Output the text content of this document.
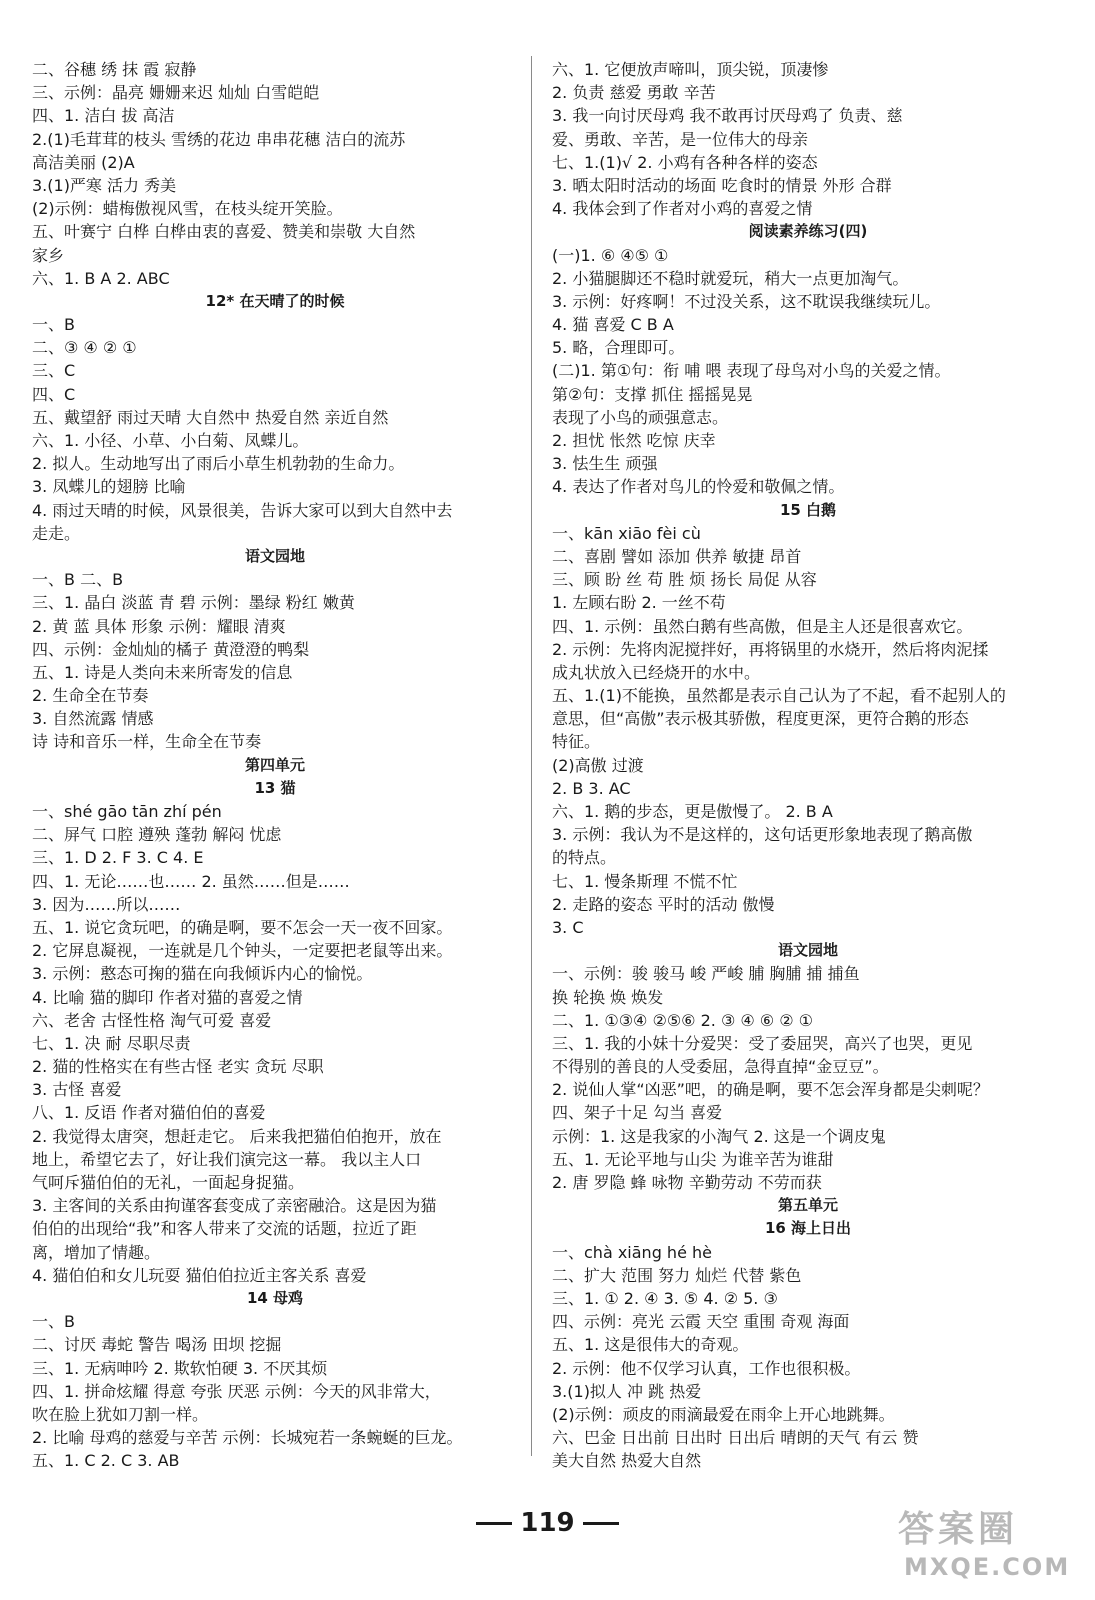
二、谷穗 绣 抹 霞 寂静
三、示例：晶亮 姗姗来迟 灿灿 白雪皑皑
四、1. 洁白 拔 高洁
2.(1)毛茸茸的枝头 雪绣的花边 串串花穗 洁白的流苏
高洁美丽 (2)A
3.(1)严寒 活力 秀美
(2)示例：蜡梅傲视风雪，在枝头绽开笑脸。
五、叶赛宁 白桦 白桦由衷的喜爱、赞美和崇敬 大自然
家乡
六、1. B A 2. ABC
12* 在天晴了的时候
一、B
二、③ ④ ② ①
三、C
四、C
五、戴望舒 雨过天晴 大自然中 热爱自然 亲近自然
六、1. 小径、小草、小白菊、凤蝶儿。
2. 拟人。生动地写出了雨后小草生机勃勃的生命力。
3. 凤蝶儿的翅膀 比喻
4. 雨过天晴的时候，风景很美，告诉大家可以到大自然中去
走走。
语文园地
一、B 二、B
三、1. 晶白 淡蓝 青 碧 示例：墨绿 粉红 嫩黄
2. 黄 蓝 具体 形象 示例：耀眼 清爽
四、示例：金灿灿的橘子 黄澄澄的鸭梨
五、1. 诗是人类向未来所寄发的信息
2. 生命全在节奏
3. 自然流露 情感
诗 诗和音乐一样，生命全在节奏
第四单元
13 猫
一、shé gāo tān zhí pén
二、屏气 口腔 遵殃 蓬勃 解闷 忧虑
三、1. D 2. F 3. C 4. E
四、1. 无论……也…… 2. 虽然……但是……
3. 因为……所以……
五、1. 说它贪玩吧，的确是啊，要不怎会一天一夜不回家。
2. 它屏息凝视，一连就是几个钟头，一定要把老鼠等出来。
3. 示例：憨态可掬的猫在向我倾诉内心的愉悦。
4. 比喻 猫的脚印 作者对猫的喜爱之情
六、老舍 古怪性格 淘气可爱 喜爱
七、1. 决 耐 尽职尽责
2. 猫的性格实在有些古怪 老实 贪玩 尽职
3. 古怪 喜爱
八、1. 反语 作者对猫伯伯的喜爱
2. 我觉得太唐突，想赶走它。 后来我把猫伯伯抱开，放在
地上，希望它去了，好让我们演完这一幕。 我以主人口
气呵斥猫伯伯的无礼，一面起身捉猫。
3. 主客间的关系由拘谨客套变成了亲密融洽。这是因为猫
伯伯的出现给“我”和客人带来了交流的话题，拉近了距
离，增加了情趣。
4. 猫伯伯和女儿玩耍 猫伯伯拉近主客关系 喜爱
14 母鸡
一、B
二、讨厌 毒蛇 警告 喝汤 田坝 挖掘
三、1. 无病呻吟 2. 欺软怕硬 3. 不厌其烦
四、1. 拼命炫耀 得意 夸张 厌恶 示例：今天的风非常大，
吹在脸上犹如刀割一样。
2. 比喻 母鸡的慈爱与辛苦 示例：长城宛若一条蜿蜒的巨龙。
五、1. C 2. C 3. AB
六、1. 它便放声啼叫，顶尖锐，顶凄惨
2. 负责 慈爱 勇敢 辛苦
3. 我一向讨厌母鸡 我不敢再讨厌母鸡了 负责、慈
爱、勇敢、辛苦，是一位伟大的母亲
七、1.(1)√ 2. 小鸡有各种各样的姿态
3. 晒太阳时活动的场面 吃食时的情景 外形 合群
4. 我体会到了作者对小鸡的喜爱之情
阅读素养练习(四)
(一)1. ⑥ ④⑤ ①
2. 小猫腿脚还不稳时就爱玩，稍大一点更加淘气。
3. 示例：好疼啊！不过没关系，这不耽误我继续玩儿。
4. 猫 喜爱 C B A
5. 略，合理即可。
(二)1. 第①句：衔 哺 喂 表现了母鸟对小鸟的关爱之情。
第②句：支撑 抓住 摇摇晃晃
表现了小鸟的顽强意志。
2. 担忧 怅然 吃惊 庆幸
3. 怯生生 顽强
4. 表达了作者对鸟儿的怜爱和敬佩之情。
15 白鹅
一、kān xiāo fèi cù
二、喜剧 譬如 添加 供养 敏捷 昂首
三、顾 盼 丝 苟 胜 烦 扬长 局促 从容
1. 左顾右盼 2. 一丝不苟
四、1. 示例：虽然白鹅有些高傲，但是主人还是很喜欢它。
2. 示例：先将肉泥搅拌好，再将锅里的水烧开，然后将肉泥揉
成丸状放入已经烧开的水中。
五、1.(1)不能换，虽然都是表示自己认为了不起，看不起别人的
意思，但“高傲”表示极其骄傲，程度更深，更符合鹅的形态
特征。
(2)高傲 过渡
2. B 3. AC
六、1. 鹅的步态，更是傲慢了。 2. B A
3. 示例：我认为不是这样的，这句话更形象地表现了鹅高傲
的特点。
七、1. 慢条斯理 不慌不忙
2. 走路的姿态 平时的活动 傲慢
3. C
语文园地
一、示例：骏 骏马 峻 严峻 脯 胸脯 捕 捕鱼
换 轮换 焕 焕发
二、1. ①③④ ②⑤⑥ 2. ③ ④ ⑥ ② ①
三、1. 我的小妹十分爱哭：受了委屈哭，高兴了也哭，更见
不得别的善良的人受委屈，急得直掉“金豆豆”。
2. 说仙人掌“凶恶”吧，的确是啊，要不怎会浑身都是尖刺呢？
四、架子十足 勾当 喜爱
示例：1. 这是我家的小淘气 2. 这是一个调皮鬼
五、1. 无论平地与山尖 为谁辛苦为谁甜
2. 唐 罗隐 蜂 咏物 辛勤劳动 不劳而获
第五单元
16 海上日出
一、chà xiāng hé hè
二、扩大 范围 努力 灿烂 代替 紫色
三、1. ① 2. ④ 3. ⑤ 4. ② 5. ③
四、示例：亮光 云霞 天空 重围 奇观 海面
五、1. 这是很伟大的奇观。
2. 示例：他不仅学习认真，工作也很积极。
3.(1)拟人 冲 跳 热爱
(2)示例：顽皮的雨滴最爱在雨伞上开心地跳舞。
六、巴金 日出前 日出时 日出后 晴朗的天气 有云 赞
美大自然 热爱大自然
119	答案圈
MXQE.COM
